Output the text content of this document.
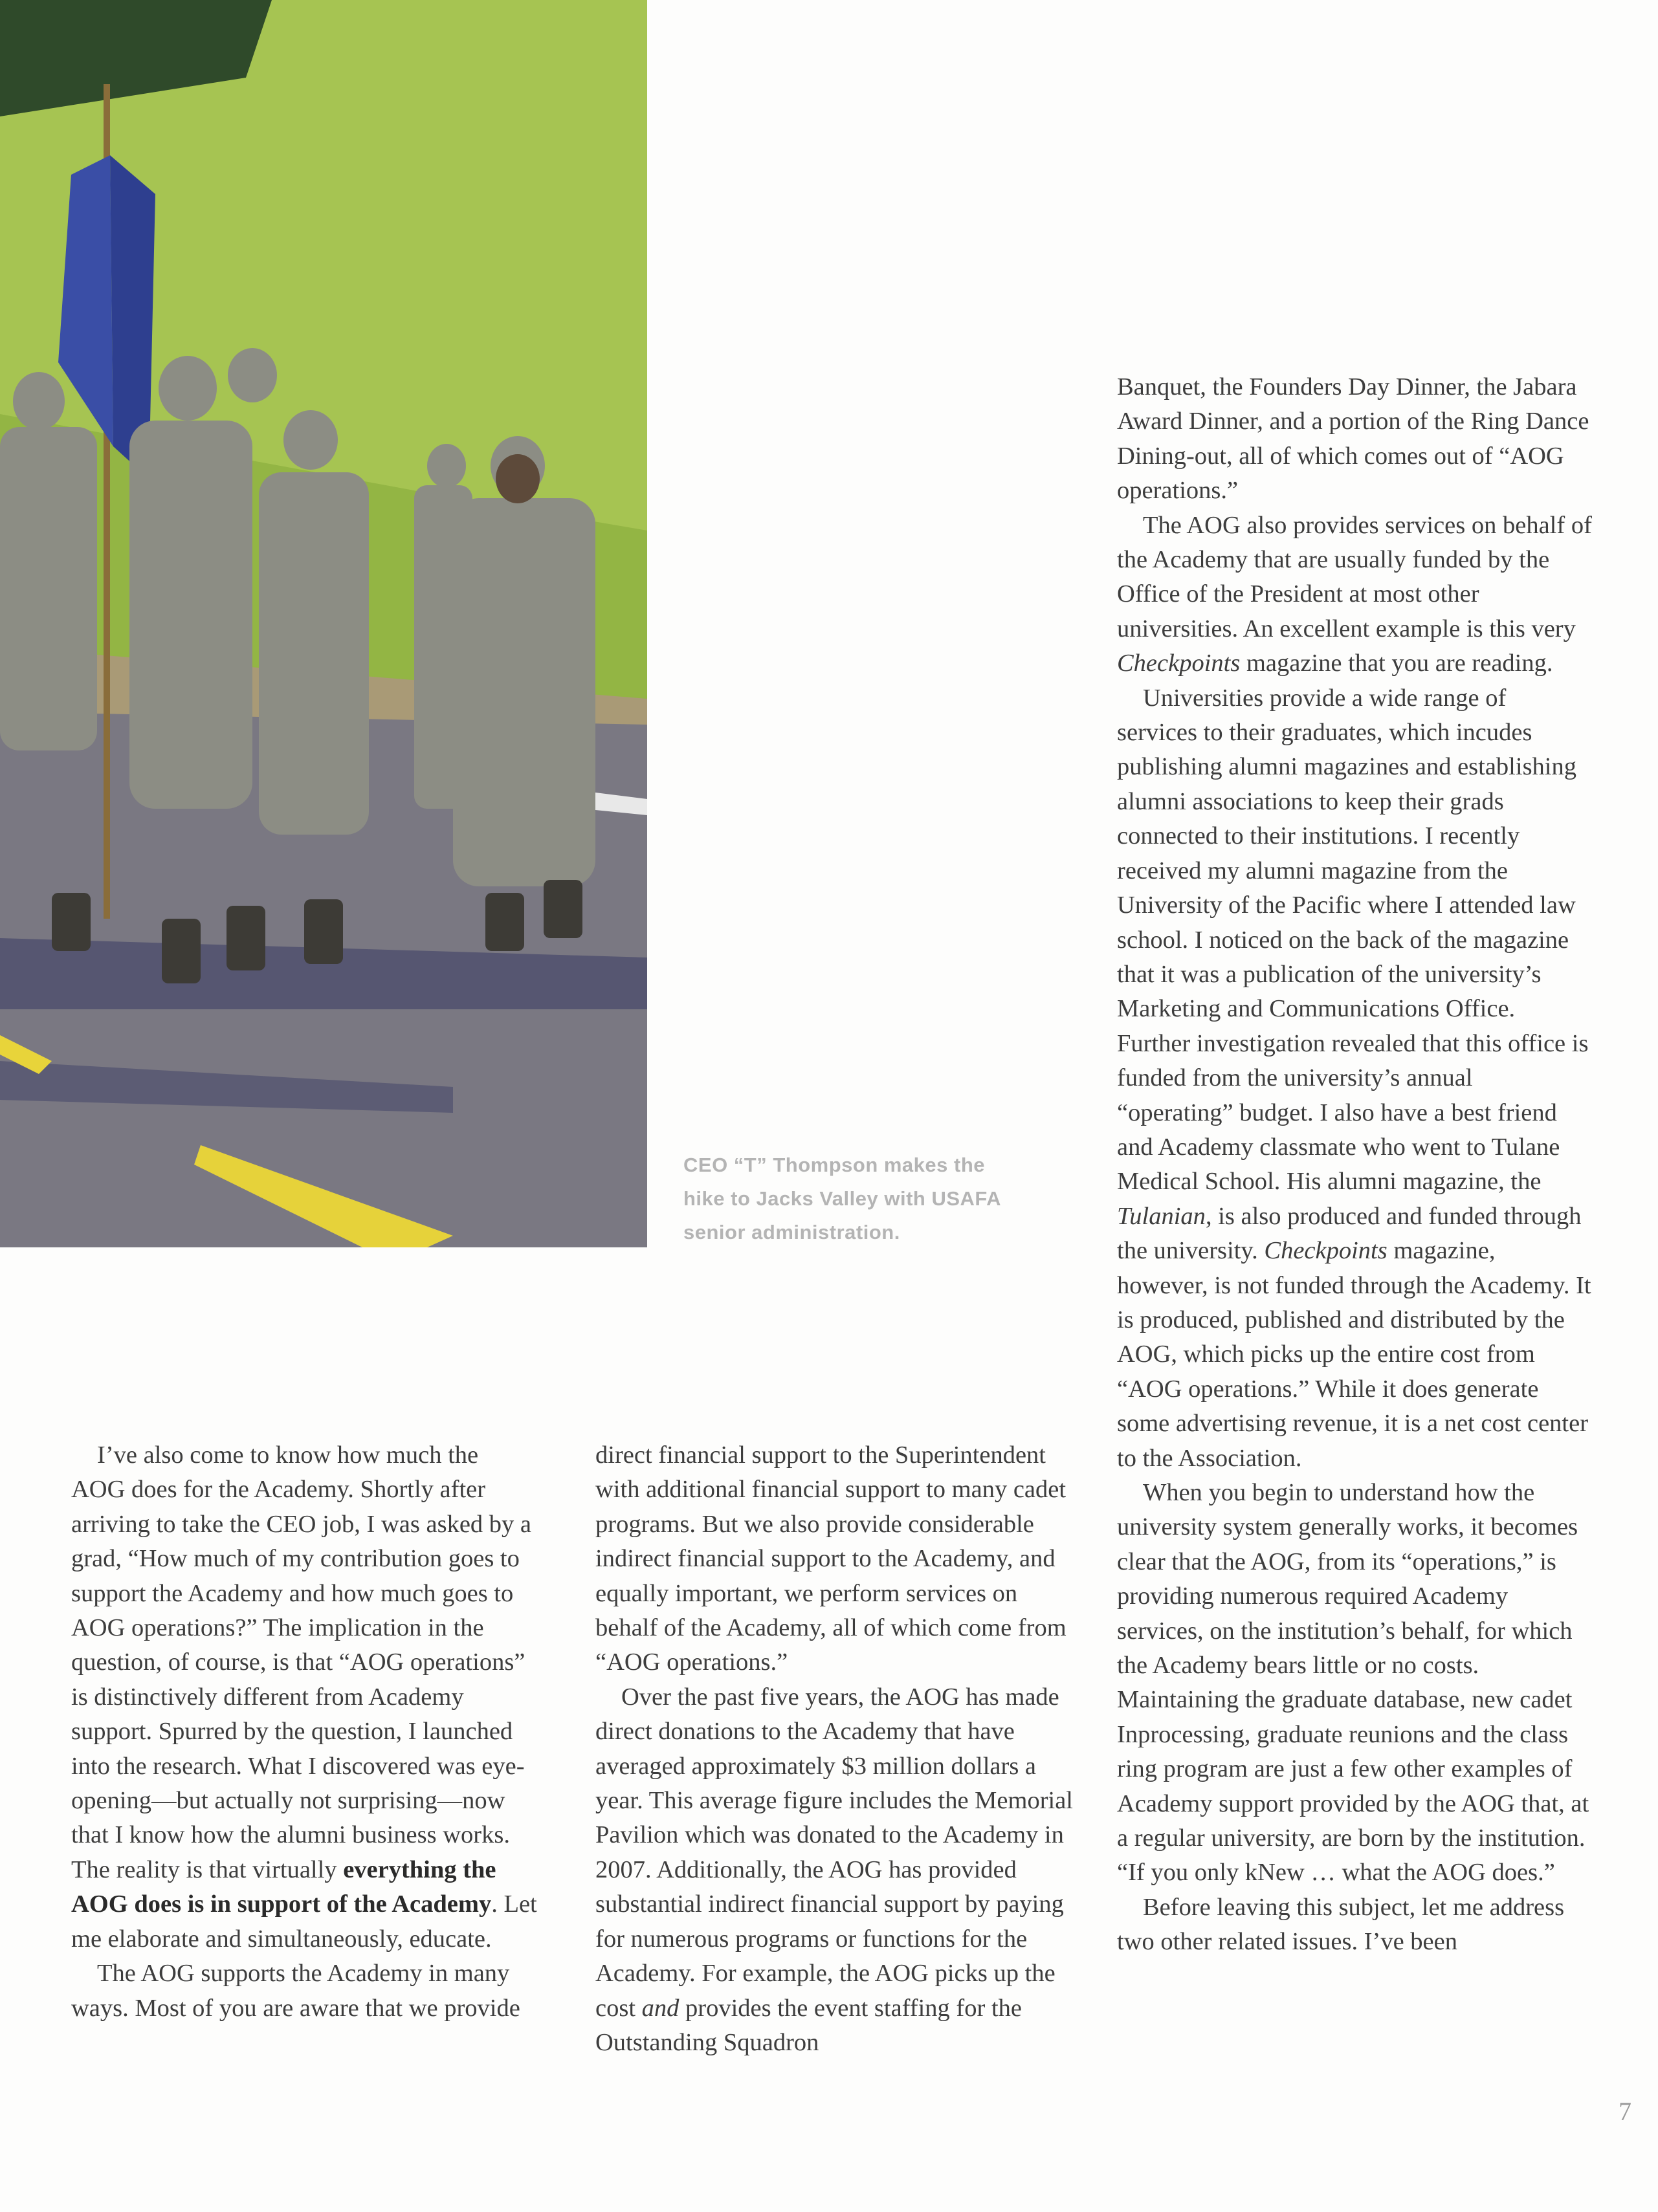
CEO “T” Thompson makes the
hike to Jacks Valley with USAFA
senior administration.

I’ve also come to know how much the AOG does for the Academy. Shortly after arriving to take the CEO job, I was asked by a grad, “How much of my contribution goes to support the Academy and how much goes to AOG operations?” The implication in the question, of course, is that “AOG operations” is distinctively different from Academy support. Spurred by the question, I launched into the research. What I discovered was eye-opening—but actually not surprising—now that I know how the alumni business works. The reality is that virtually everything the AOG does is in support of the Academy. Let me elaborate and simultaneously, educate.

The AOG supports the Academy in many ways. Most of you are aware that we provide

direct financial support to the Superintendent with additional financial support to many cadet programs. But we also provide considerable indirect financial support to the Academy, and equally important, we perform services on behalf of the Academy, all of which come from “AOG operations.”

Over the past five years, the AOG has made direct donations to the Academy that have averaged approximately $3 million dollars a year. This average figure includes the Memorial Pavilion which was donated to the Academy in 2007. Additionally, the AOG has provided substantial indirect financial support by paying for numerous programs or functions for the Academy. For example, the AOG picks up the cost and provides the event staffing for the Outstanding Squadron

Banquet, the Founders Day Dinner, the Jabara Award Dinner, and a portion of the Ring Dance Dining-out, all of which comes out of “AOG operations.”

The AOG also provides services on behalf of the Academy that are usually funded by the Office of the President at most other universities. An excellent example is this very Checkpoints magazine that you are reading.

Universities provide a wide range of services to their graduates, which incudes publishing alumni magazines and establishing alumni associations to keep their grads connected to their institutions. I recently received my alumni magazine from the University of the Pacific where I attended law school. I noticed on the back of the magazine that it was a publication of the university’s Marketing and Communications Office. Further investigation revealed that this office is funded from the university’s annual “operating” budget. I also have a best friend and Academy classmate who went to Tulane Medical School. His alumni magazine, the Tulanian, is also produced and funded through the university. Checkpoints magazine, however, is not funded through the Academy. It is produced, published and distributed by the AOG, which picks up the entire cost from “AOG operations.” While it does generate some advertising revenue, it is a net cost center to the Association.

When you begin to understand how the university system generally works, it becomes clear that the AOG, from its “operations,” is providing numerous required Academy services, on the institution’s behalf, for which the Academy bears little or no costs. Maintaining the graduate database, new cadet Inprocessing, graduate reunions and the class ring program are just a few other examples of Academy support provided by the AOG that, at a regular university, are born by the institution. “If you only kNew … what the AOG does.”

Before leaving this subject, let me address two other related issues. I’ve been

7
